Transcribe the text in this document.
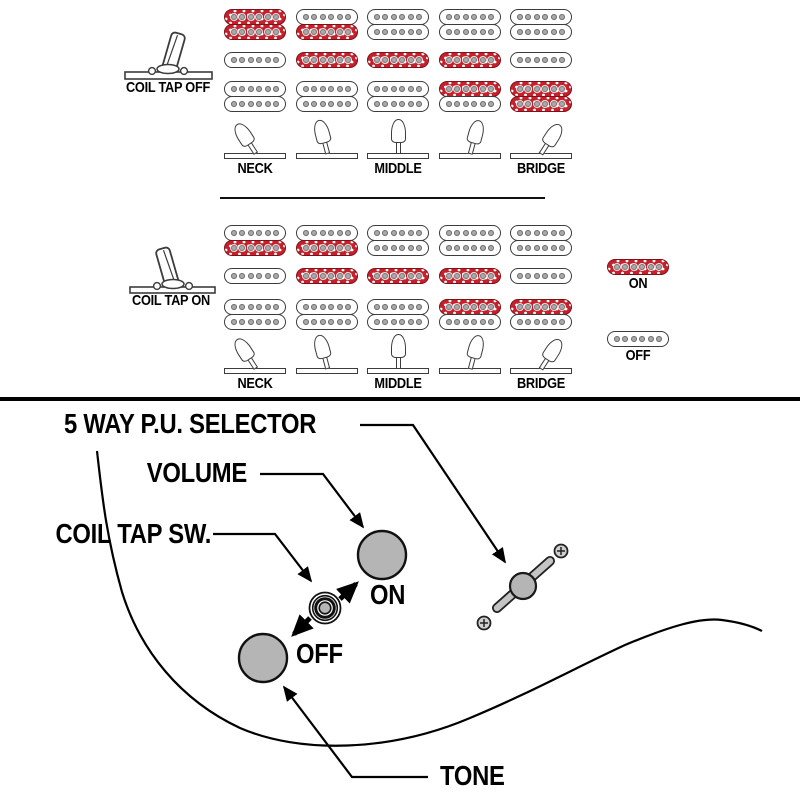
COIL TAP OFF
COIL TAP ON
ON
OFF
5 WAY P.U. SELECTOR
VOLUME
COIL TAP SW.
ON
OFF
TONE
NECK	MIDDLE	BRIDGE
NECK	MIDDLE	BRIDGE
